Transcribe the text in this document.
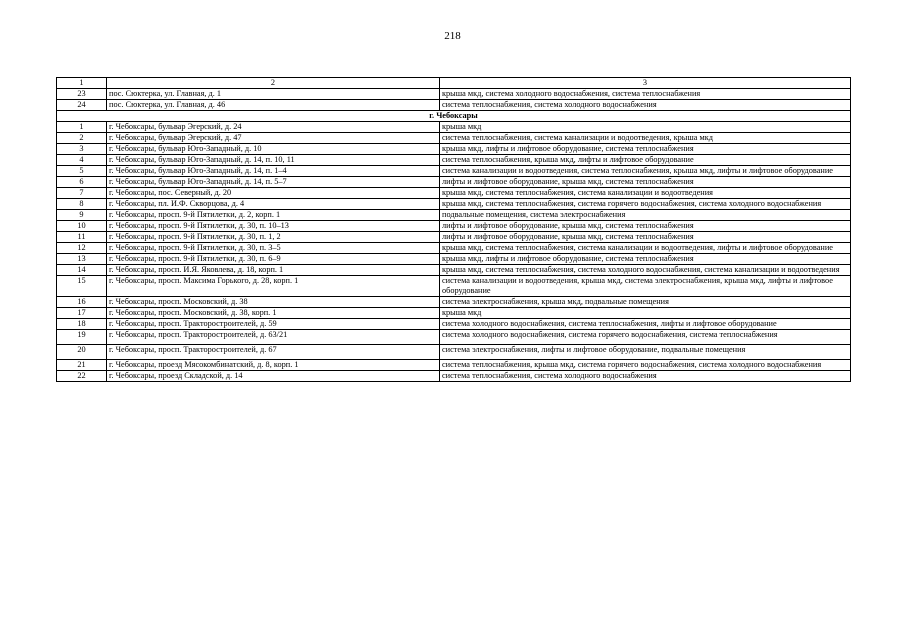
218
1	2	3
23	пос. Сюктерка, ул. Главная, д. 1	крыша мкд, система холодного водоснабжения, система теплоснабжения
24	пос. Сюктерка, ул. Главная, д. 46	система теплоснабжения, система холодного водоснабжения
г. Чебоксары		
1	г. Чебоксары, бульвар Эгерский, д. 24	крыша мкд
2	г. Чебоксары, бульвар Эгерский, д. 47	система теплоснабжения, система канализации и водоотведения, крыша мкд
3	г. Чебоксары, бульвар Юго-Западный, д. 10	крыша мкд, лифты и лифтовое оборудование, система теплоснабжения
4	г. Чебоксары, бульвар Юго-Западный, д. 14, п. 10, 11	система теплоснабжения, крыша мкд, лифты и лифтовое оборудование
5	г. Чебоксары, бульвар Юго-Западный, д. 14, п. 1–4	система канализации и водоотведения, система теплоснабжения, крыша мкд, лифты и лифтовое оборудование
6	г. Чебоксары, бульвар Юго-Западный, д. 14, п. 5–7	лифты и лифтовое оборудование, крыша мкд, система теплоснабжения
7	г. Чебоксары, пос. Северный, д. 20	крыша мкд, система теплоснабжения, система канализации и водоотведения
8	г. Чебоксары, пл. И.Ф. Скворцова, д. 4	крыша мкд, система теплоснабжения, система горячего водоснабжения, система холодного водоснабжения
9	г. Чебоксары, просп. 9-й Пятилетки, д. 2, корп. 1	подвальные помещения, система электроснабжения
10	г. Чебоксары, просп. 9-й Пятилетки, д. 30, п. 10–13	лифты и лифтовое оборудование, крыша мкд, система теплоснабжения
11	г. Чебоксары, просп. 9-й Пятилетки, д. 30, п. 1, 2	лифты и лифтовое оборудование, крыша мкд, система теплоснабжения
12	г. Чебоксары, просп. 9-й Пятилетки, д. 30, п. 3–5	крыша мкд, система теплоснабжения, система канализации и водоотведения, лифты и лифтовое оборудование
13	г. Чебоксары, просп. 9-й Пятилетки, д. 30, п. 6–9	крыша мкд, лифты и лифтовое оборудование, система теплоснабжения
14	г. Чебоксары, просп. И.Я. Яковлева, д. 18, корп. 1	крыша мкд, система теплоснабжения, система холодного водоснабжения, система канализации и водоотведения
15	г. Чебоксары, просп. Максима Горького, д. 28, корп. 1	система канализации и водоотведения, крыша мкд, система электроснабжения, крыша мкд, лифты и лифтовое оборудование
16	г. Чебоксары, просп. Московский, д. 38	система электроснабжения, крыша мкд, подвальные помещения
17	г. Чебоксары, просп. Московский, д. 38, корп. 1	крыша мкд
18	г. Чебоксары, просп. Тракторостроителей, д. 59	система холодного водоснабжения, система теплоснабжения, лифты и лифтовое оборудование
19	г. Чебоксары, просп. Тракторостроителей, д. 63/21	система холодного водоснабжения, система горячего водоснабжения, система теплоснабжения
20	г. Чебоксары, просп. Тракторостроителей, д. 67	система электроснабжения, лифты и лифтовое оборудование, подвальные помещения
21	г. Чебоксары, проезд Мясокомбинатский, д. 8, корп. 1	система теплоснабжения, крыша мкд, система горячего водоснабжения, система холодного водоснабжения
22	г. Чебоксары, проезд Складской, д. 14	система теплоснабжения, система холодного водоснабжения
